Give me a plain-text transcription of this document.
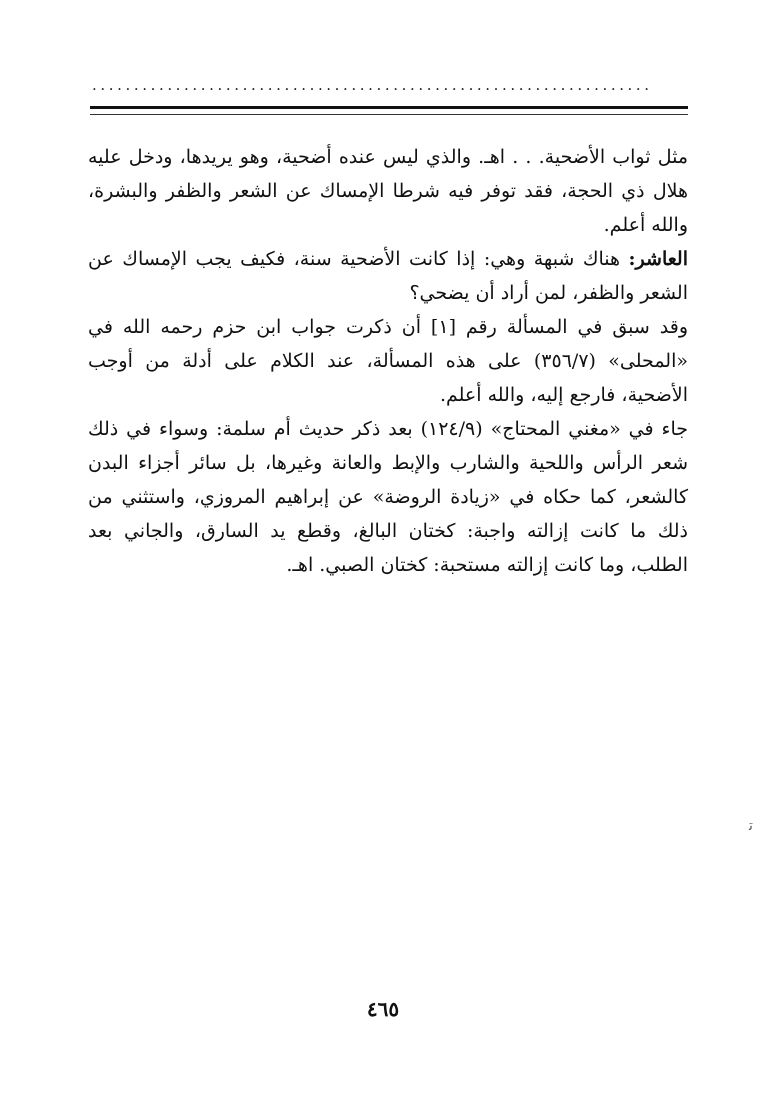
...................................................................

مثل ثواب الأضحية. . . اهـ. والذي ليس عنده أضحية، وهو يريدها، ودخل عليه هلال ذي الحجة، فقد توفر فيه شرطا الإمساك عن الشعر والظفر والبشرة، والله أعلم.

العاشر: هناك شبهة وهي: إذا كانت الأضحية سنة، فكيف يجب الإمساك عن الشعر والظفر، لمن أراد أن يضحي؟

وقد سبق في المسألة رقم [١] أن ذكرت جواب ابن حزم رحمه الله في «المحلى» (٣٥٦/٧) على هذه المسألة، عند الكلام على أدلة من أوجب الأضحية، فارجع إليه، والله أعلم.

جاء في «مغني المحتاج» (١٢٤/٩) بعد ذكر حديث أم سلمة: وسواء في ذلك شعر الرأس واللحية والشارب والإبط والعانة وغيرها، بل سائر أجزاء البدن كالشعر، كما حكاه في «زيادة الروضة» عن إبراهيم المروزي، واستثني من ذلك ما كانت إزالته واجبة: كختان البالغ، وقطع يد السارق، والجاني بعد الطلب، وما كانت إزالته مستحبة: كختان الصبي. اهـ.

ﺗ
٤٦٥
